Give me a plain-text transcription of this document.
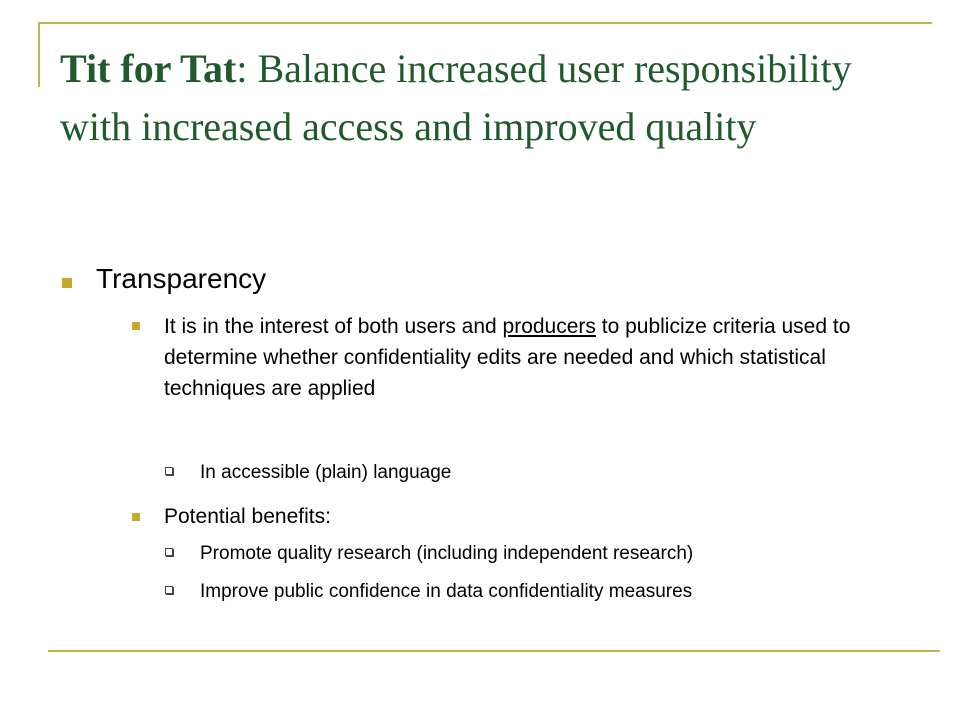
Tit for Tat: Balance increased user responsibility with increased access and improved quality
Transparency
It is in the interest of both users and producers to publicize criteria used to determine whether confidentiality edits are needed and which statistical techniques are applied
In accessible (plain) language
Potential benefits:
Promote quality research (including independent research)
Improve public confidence in data confidentiality measures
